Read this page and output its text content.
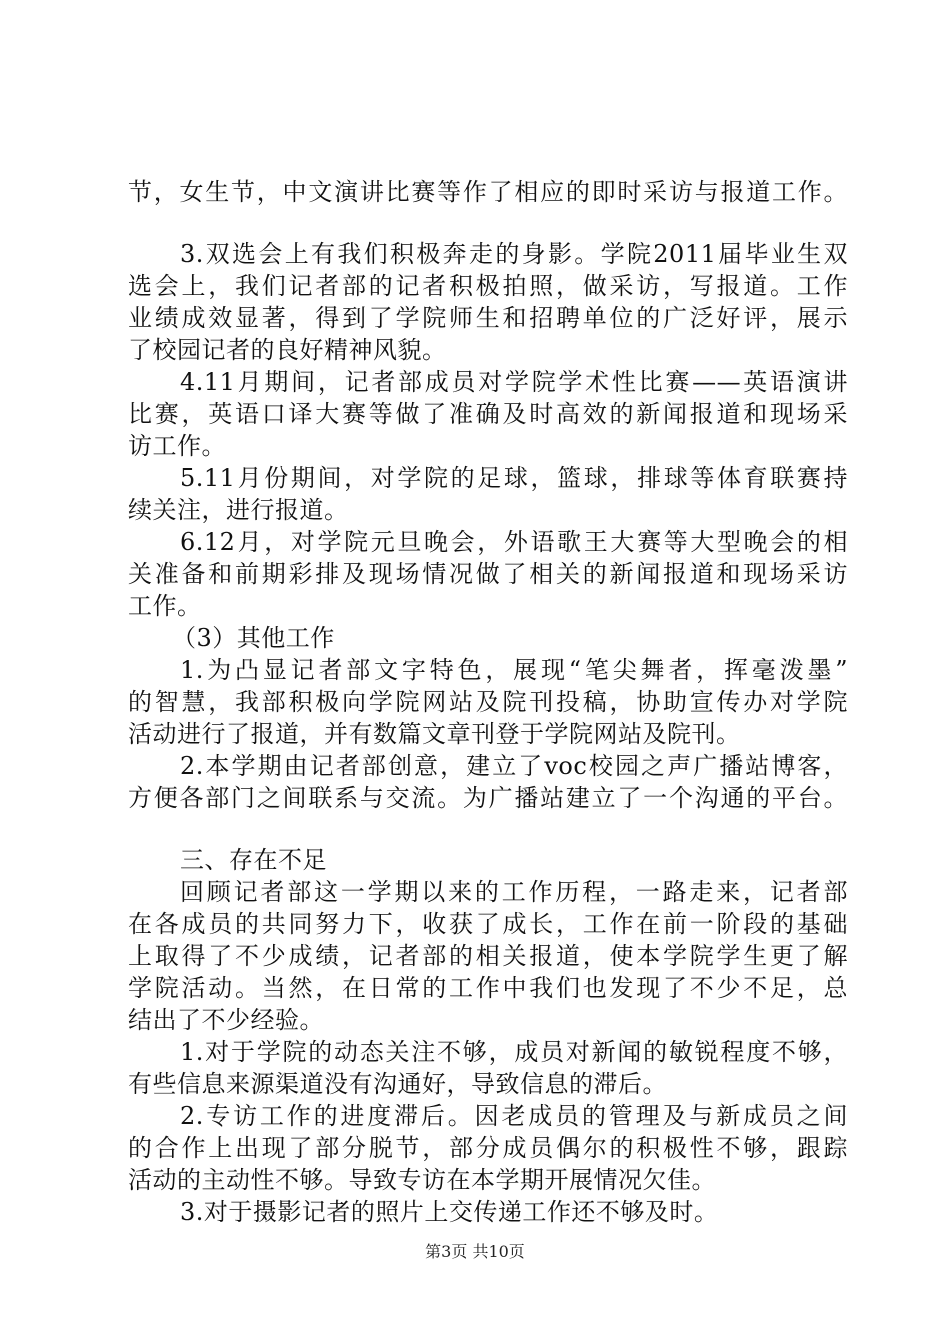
节，女生节，中文演讲比赛等作了相应的即时采访与报道工作。
3.双选会上有我们积极奔走的身影。学院2011届毕业生双
选会上，我们记者部的记者积极拍照，做采访，写报道。工作
业绩成效显著，得到了学院师生和招聘单位的广泛好评，展示
了校园记者的良好精神风貌。
4.11月期间，记者部成员对学院学术性比赛——英语演讲
比赛，英语口译大赛等做了准确及时高效的新闻报道和现场采
访工作。
5.11月份期间，对学院的足球，篮球，排球等体育联赛持
续关注，进行报道。
6.12月，对学院元旦晚会，外语歌王大赛等大型晚会的相
关准备和前期彩排及现场情况做了相关的新闻报道和现场采访
工作。
（3）其他工作
1.为凸显记者部文字特色，展现“笔尖舞者，挥毫泼墨”
的智慧，我部积极向学院网站及院刊投稿，协助宣传办对学院
活动进行了报道，并有数篇文章刊登于学院网站及院刊。
2.本学期由记者部创意，建立了voc校园之声广播站博客，
方便各部门之间联系与交流。为广播站建立了一个沟通的平台。
三、存在不足
回顾记者部这一学期以来的工作历程，一路走来，记者部
在各成员的共同努力下，收获了成长，工作在前一阶段的基础
上取得了不少成绩，记者部的相关报道，使本学院学生更了解
学院活动。当然，在日常的工作中我们也发现了不少不足，总
结出了不少经验。
1.对于学院的动态关注不够，成员对新闻的敏锐程度不够，
有些信息来源渠道没有沟通好，导致信息的滞后。
2.专访工作的进度滞后。因老成员的管理及与新成员之间
的合作上出现了部分脱节，部分成员偶尔的积极性不够，跟踪
活动的主动性不够。导致专访在本学期开展情况欠佳。
3.对于摄影记者的照片上交传递工作还不够及时。
第3页 共10页
